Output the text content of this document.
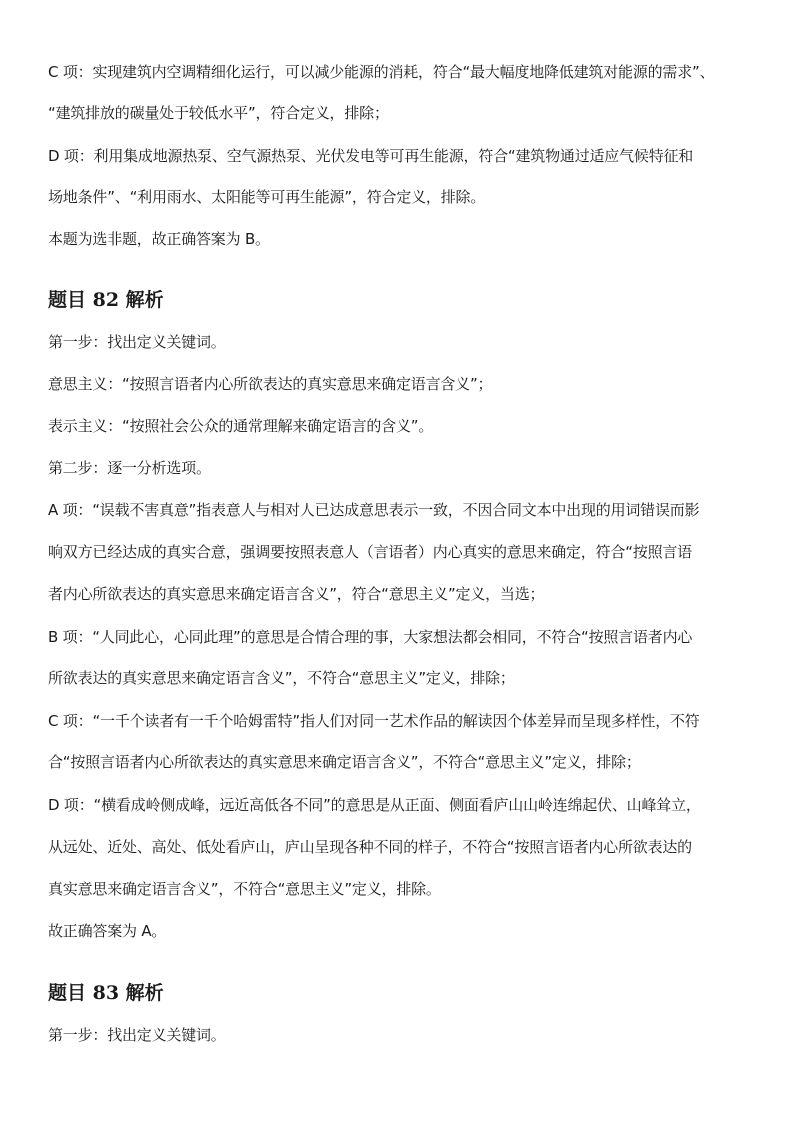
C 项：实现建筑内空调精细化运行，可以减少能源的消耗，符合“最大幅度地降低建筑对能源的需求”、
“建筑排放的碳量处于较低水平”，符合定义，排除；
D 项：利用集成地源热泵、空气源热泵、光伏发电等可再生能源，符合“建筑物通过适应气候特征和
场地条件”、“利用雨水、太阳能等可再生能源”，符合定义，排除。
本题为选非题，故正确答案为 B。
题目 82 解析
第一步：找出定义关键词。
意思主义：“按照言语者内心所欲表达的真实意思来确定语言含义”；
表示主义：“按照社会公众的通常理解来确定语言的含义”。
第二步：逐一分析选项。
A 项：“误载不害真意”指表意人与相对人已达成意思表示一致，不因合同文本中出现的用词错误而影
响双方已经达成的真实合意，强调要按照表意人（言语者）内心真实的意思来确定，符合“按照言语
者内心所欲表达的真实意思来确定语言含义”，符合“意思主义”定义，当选；
B 项：“人同此心，心同此理”的意思是合情合理的事，大家想法都会相同，不符合“按照言语者内心
所欲表达的真实意思来确定语言含义”，不符合“意思主义”定义，排除；
C 项：“一千个读者有一千个哈姆雷特”指人们对同一艺术作品的解读因个体差异而呈现多样性，不符
合“按照言语者内心所欲表达的真实意思来确定语言含义”，不符合“意思主义”定义，排除；
D 项：“横看成岭侧成峰，远近高低各不同”的意思是从正面、侧面看庐山山岭连绵起伏、山峰耸立，
从远处、近处、高处、低处看庐山，庐山呈现各种不同的样子，不符合“按照言语者内心所欲表达的
真实意思来确定语言含义”，不符合“意思主义”定义，排除。
故正确答案为 A。
题目 83 解析
第一步：找出定义关键词。
